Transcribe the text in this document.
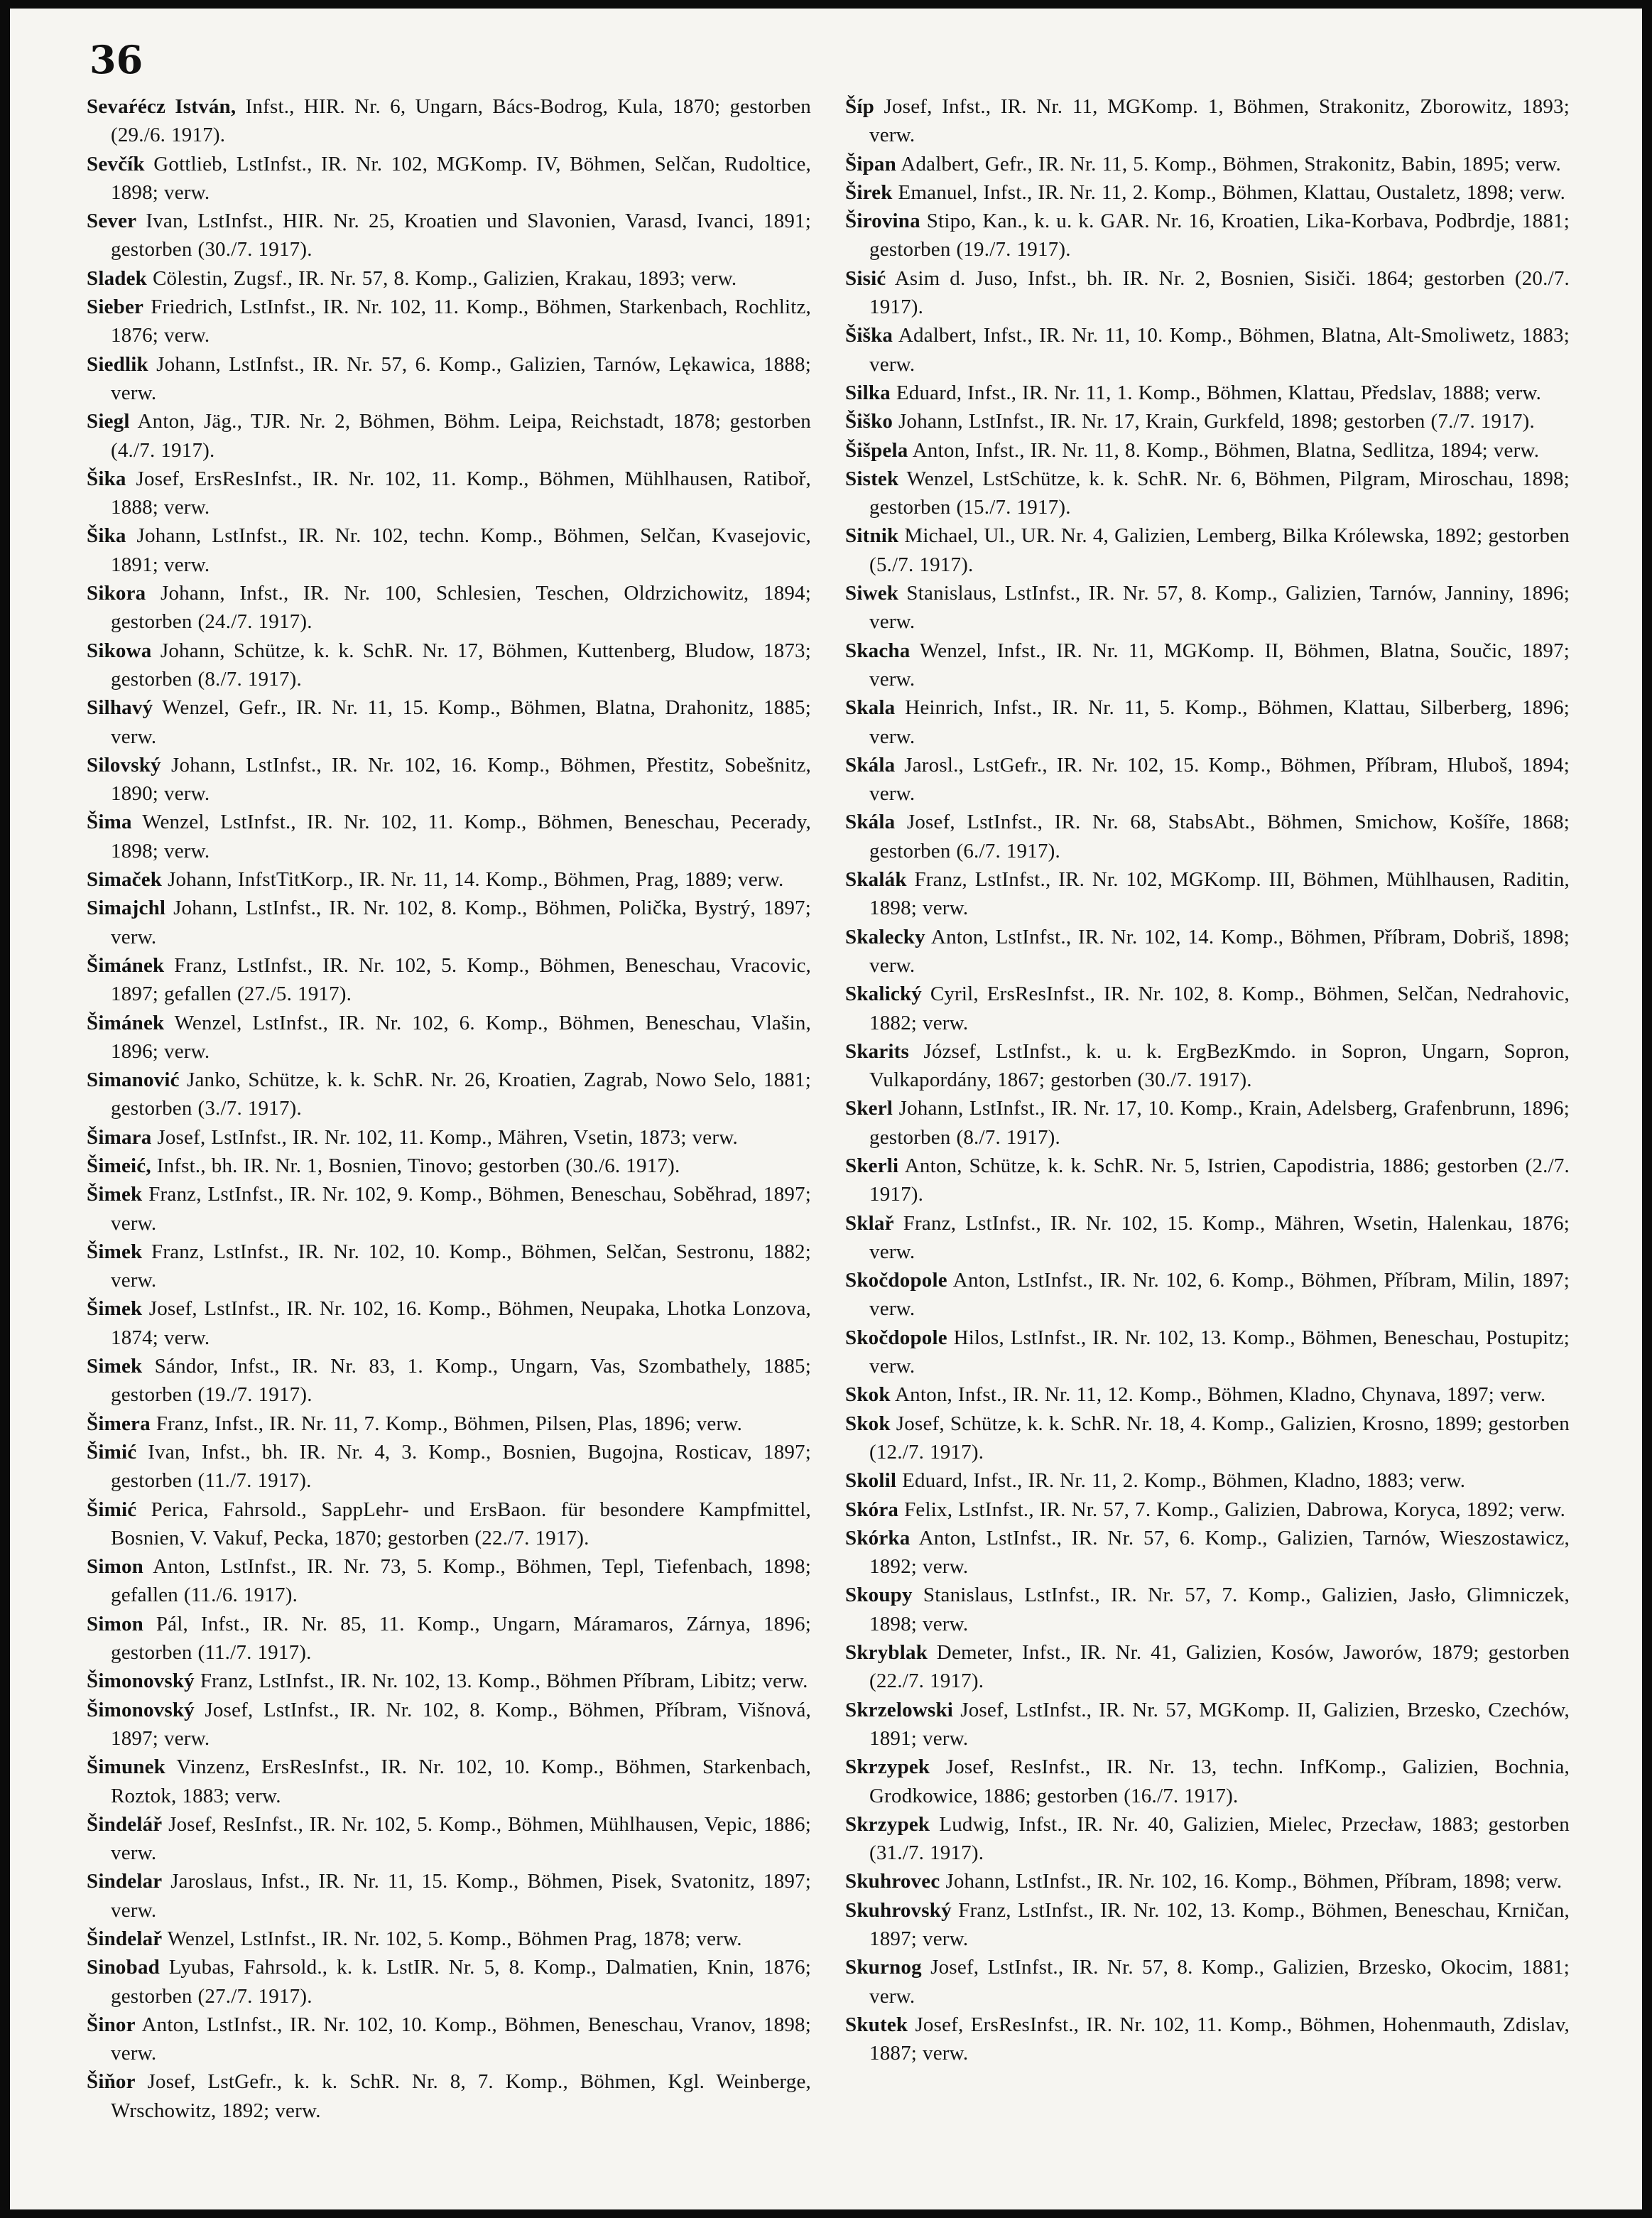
36

Sevaŕécz István, Infst., HIR. Nr. 6, Ungarn, Bács-Bodrog, Kula, 1870; gestorben (29./6. 1917).

Sevčík Gottlieb, LstInfst., IR. Nr. 102, MGKomp. IV, Böhmen, Selčan, Rudoltice, 1898; verw.

Sever Ivan, LstInfst., HIR. Nr. 25, Kroatien und Slavonien, Varasd, Ivanci, 1891; gestorben (30./7. 1917).

Sladek Cölestin, Zugsf., IR. Nr. 57, 8. Komp., Galizien, Krakau, 1893; verw.

Sieber Friedrich, LstInfst., IR. Nr. 102, 11. Komp., Böhmen, Starkenbach, Rochlitz, 1876; verw.

Siedlik Johann, LstInfst., IR. Nr. 57, 6. Komp., Galizien, Tarnów, Lękawica, 1888; verw.

Siegl Anton, Jäg., TJR. Nr. 2, Böhmen, Böhm. Leipa, Reichstadt, 1878; gestorben (4./7. 1917).

Šika Josef, ErsResInfst., IR. Nr. 102, 11. Komp., Böhmen, Mühlhausen, Ratiboř, 1888; verw.

Šika Johann, LstInfst., IR. Nr. 102, techn. Komp., Böhmen, Selčan, Kvasejovic, 1891; verw.

Sikora Johann, Infst., IR. Nr. 100, Schlesien, Teschen, Oldrzichowitz, 1894; gestorben (24./7. 1917).

Sikowa Johann, Schütze, k. k. SchR. Nr. 17, Böhmen, Kuttenberg, Bludow, 1873; gestorben (8./7. 1917).

Silhavý Wenzel, Gefr., IR. Nr. 11, 15. Komp., Böhmen, Blatna, Drahonitz, 1885; verw.

Silovský Johann, LstInfst., IR. Nr. 102, 16. Komp., Böhmen, Přestitz, Sobešnitz, 1890; verw.

Šima Wenzel, LstInfst., IR. Nr. 102, 11. Komp., Böhmen, Beneschau, Pecerady, 1898; verw.

Simaček Johann, InfstTitKorp., IR. Nr. 11, 14. Komp., Böhmen, Prag, 1889; verw.

Simajchl Johann, LstInfst., IR. Nr. 102, 8. Komp., Böhmen, Polička, Bystrý, 1897; verw.

Šimánek Franz, LstInfst., IR. Nr. 102, 5. Komp., Böhmen, Beneschau, Vracovic, 1897; gefallen (27./5. 1917).

Šimánek Wenzel, LstInfst., IR. Nr. 102, 6. Komp., Böhmen, Beneschau, Vlašin, 1896; verw.

Simanović Janko, Schütze, k. k. SchR. Nr. 26, Kroatien, Zagrab, Nowo Selo, 1881; gestorben (3./7. 1917).

Šimara Josef, LstInfst., IR. Nr. 102, 11. Komp., Mähren, Vsetin, 1873; verw.

Šimeić, Infst., bh. IR. Nr. 1, Bosnien, Tinovo; gestorben (30./6. 1917).

Šimek Franz, LstInfst., IR. Nr. 102, 9. Komp., Böhmen, Beneschau, Soběhrad, 1897; verw.

Šimek Franz, LstInfst., IR. Nr. 102, 10. Komp., Böhmen, Selčan, Sestronu, 1882; verw.

Šimek Josef, LstInfst., IR. Nr. 102, 16. Komp., Böhmen, Neupaka, Lhotka Lonzova, 1874; verw.

Simek Sándor, Infst., IR. Nr. 83, 1. Komp., Ungarn, Vas, Szombathely, 1885; gestorben (19./7. 1917).

Šimera Franz, Infst., IR. Nr. 11, 7. Komp., Böhmen, Pilsen, Plas, 1896; verw.

Šimić Ivan, Infst., bh. IR. Nr. 4, 3. Komp., Bosnien, Bugojna, Rosticav, 1897; gestorben (11./7. 1917).

Šimić Perica, Fahrsold., SappLehr- und ErsBaon. für besondere Kampfmittel, Bosnien, V. Vakuf, Pecka, 1870; gestorben (22./7. 1917).

Simon Anton, LstInfst., IR. Nr. 73, 5. Komp., Böhmen, Tepl, Tiefenbach, 1898; gefallen (11./6. 1917).

Simon Pál, Infst., IR. Nr. 85, 11. Komp., Ungarn, Máramaros, Zárnya, 1896; gestorben (11./7. 1917).

Šimonovský Franz, LstInfst., IR. Nr. 102, 13. Komp., Böhmen Příbram, Libitz; verw.

Šimonovský Josef, LstInfst., IR. Nr. 102, 8. Komp., Böhmen, Příbram, Višnová, 1897; verw.

Šimunek Vinzenz, ErsResInfst., IR. Nr. 102, 10. Komp., Böhmen, Starkenbach, Roztok, 1883; verw.

Šindelář Josef, ResInfst., IR. Nr. 102, 5. Komp., Böhmen, Mühlhausen, Vepic, 1886; verw.

Sindelar Jaroslaus, Infst., IR. Nr. 11, 15. Komp., Böhmen, Pisek, Svatonitz, 1897; verw.

Šindelař Wenzel, LstInfst., IR. Nr. 102, 5. Komp., Böhmen Prag, 1878; verw.

Sinobad Lyubas, Fahrsold., k. k. LstIR. Nr. 5, 8. Komp., Dalmatien, Knin, 1876; gestorben (27./7. 1917).

Šinor Anton, LstInfst., IR. Nr. 102, 10. Komp., Böhmen, Beneschau, Vranov, 1898; verw.

Šiňor Josef, LstGefr., k. k. SchR. Nr. 8, 7. Komp., Böhmen, Kgl. Weinberge, Wrschowitz, 1892; verw.

Šíp Josef, Infst., IR. Nr. 11, MGKomp. 1, Böhmen, Strakonitz, Zborowitz, 1893; verw.

Šipan Adalbert, Gefr., IR. Nr. 11, 5. Komp., Böhmen, Strakonitz, Babin, 1895; verw.

Širek Emanuel, Infst., IR. Nr. 11, 2. Komp., Böhmen, Klattau, Oustaletz, 1898; verw.

Širovina Stipo, Kan., k. u. k. GAR. Nr. 16, Kroatien, Lika-Korbava, Podbrdje, 1881; gestorben (19./7. 1917).

Sisić Asim d. Juso, Infst., bh. IR. Nr. 2, Bosnien, Sisiči. 1864; gestorben (20./7. 1917).

Šiška Adalbert, Infst., IR. Nr. 11, 10. Komp., Böhmen, Blatna, Alt-Smoliwetz, 1883; verw.

Silka Eduard, Infst., IR. Nr. 11, 1. Komp., Böhmen, Klattau, Předslav, 1888; verw.

Šiško Johann, LstInfst., IR. Nr. 17, Krain, Gurkfeld, 1898; gestorben (7./7. 1917).

Šišpela Anton, Infst., IR. Nr. 11, 8. Komp., Böhmen, Blatna, Sedlitza, 1894; verw.

Sistek Wenzel, LstSchütze, k. k. SchR. Nr. 6, Böhmen, Pilgram, Miroschau, 1898; gestorben (15./7. 1917).

Sitnik Michael, Ul., UR. Nr. 4, Galizien, Lemberg, Bilka Królewska, 1892; gestorben (5./7. 1917).

Siwek Stanislaus, LstInfst., IR. Nr. 57, 8. Komp., Galizien, Tarnów, Janniny, 1896; verw.

Skacha Wenzel, Infst., IR. Nr. 11, MGKomp. II, Böhmen, Blatna, Součic, 1897; verw.

Skala Heinrich, Infst., IR. Nr. 11, 5. Komp., Böhmen, Klattau, Silberberg, 1896; verw.

Skála Jarosl., LstGefr., IR. Nr. 102, 15. Komp., Böhmen, Příbram, Hluboš, 1894; verw.

Skála Josef, LstInfst., IR. Nr. 68, StabsAbt., Böhmen, Smichow, Košíře, 1868; gestorben (6./7. 1917).

Skalák Franz, LstInfst., IR. Nr. 102, MGKomp. III, Böhmen, Mühlhausen, Raditin, 1898; verw.

Skalecky Anton, LstInfst., IR. Nr. 102, 14. Komp., Böhmen, Příbram, Dobriš, 1898; verw.

Skalický Cyril, ErsResInfst., IR. Nr. 102, 8. Komp., Böhmen, Selčan, Nedrahovic, 1882; verw.

Skarits József, LstInfst., k. u. k. ErgBezKmdo. in Sopron, Ungarn, Sopron, Vulkapordány, 1867; gestorben (30./7. 1917).

Skerl Johann, LstInfst., IR. Nr. 17, 10. Komp., Krain, Adelsberg, Grafenbrunn, 1896; gestorben (8./7. 1917).

Skerli Anton, Schütze, k. k. SchR. Nr. 5, Istrien, Capodistria, 1886; gestorben (2./7. 1917).

Sklař Franz, LstInfst., IR. Nr. 102, 15. Komp., Mähren, Wsetin, Halenkau, 1876; verw.

Skočdopole Anton, LstInfst., IR. Nr. 102, 6. Komp., Böhmen, Příbram, Milin, 1897; verw.

Skočdopole Hilos, LstInfst., IR. Nr. 102, 13. Komp., Böhmen, Beneschau, Postupitz; verw.

Skok Anton, Infst., IR. Nr. 11, 12. Komp., Böhmen, Kladno, Chynava, 1897; verw.

Skok Josef, Schütze, k. k. SchR. Nr. 18, 4. Komp., Galizien, Krosno, 1899; gestorben (12./7. 1917).

Skolil Eduard, Infst., IR. Nr. 11, 2. Komp., Böhmen, Kladno, 1883; verw.

Skóra Felix, LstInfst., IR. Nr. 57, 7. Komp., Galizien, Dabrowa, Koryca, 1892; verw.

Skórka Anton, LstInfst., IR. Nr. 57, 6. Komp., Galizien, Tarnów, Wieszostawicz, 1892; verw.

Skoupy Stanislaus, LstInfst., IR. Nr. 57, 7. Komp., Galizien, Jasło, Glimniczek, 1898; verw.

Skryblak Demeter, Infst., IR. Nr. 41, Galizien, Kosów, Jaworów, 1879; gestorben (22./7. 1917).

Skrzelowski Josef, LstInfst., IR. Nr. 57, MGKomp. II, Galizien, Brzesko, Czechów, 1891; verw.

Skrzypek Josef, ResInfst., IR. Nr. 13, techn. InfKomp., Galizien, Bochnia, Grodkowice, 1886; gestorben (16./7. 1917).

Skrzypek Ludwig, Infst., IR. Nr. 40, Galizien, Mielec, Przecław, 1883; gestorben (31./7. 1917).

Skuhrovec Johann, LstInfst., IR. Nr. 102, 16. Komp., Böhmen, Příbram, 1898; verw.

Skuhrovský Franz, LstInfst., IR. Nr. 102, 13. Komp., Böhmen, Beneschau, Krničan, 1897; verw.

Skurnog Josef, LstInfst., IR. Nr. 57, 8. Komp., Galizien, Brzesko, Okocim, 1881; verw.

Skutek Josef, ErsResInfst., IR. Nr. 102, 11. Komp., Böhmen, Hohenmauth, Zdislav, 1887; verw.
